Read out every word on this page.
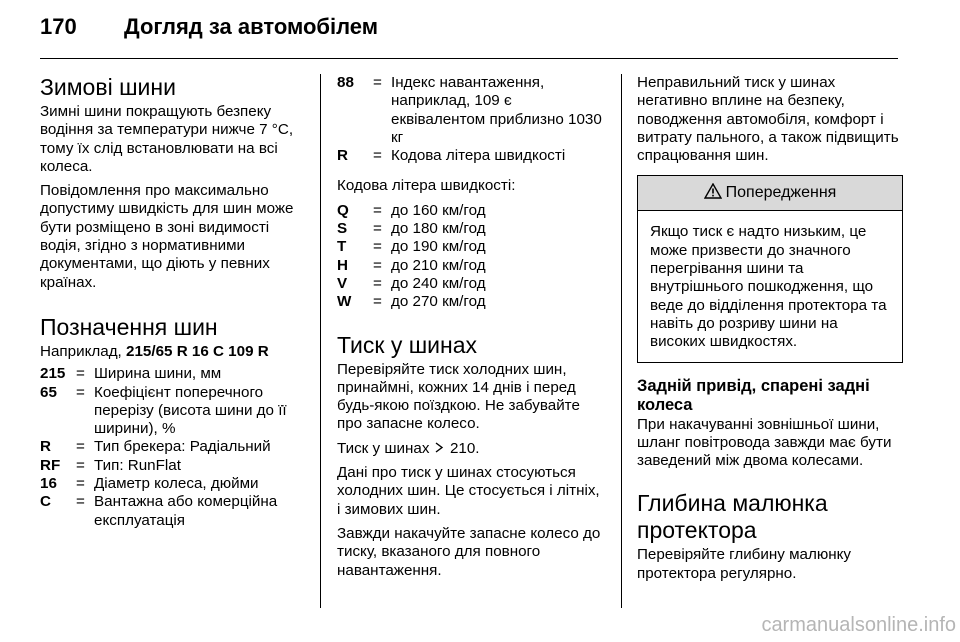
170	Догляд за автомобілем
Зимові шини

Зимні шини покращують безпеку водіння за температури нижче 7 °C, тому їх слід встановлювати на всі колеса.

Повідомлення про максимально допустиму швидкість для шин може бути розміщено в зоні видимості водія, згідно з нормативними документами, що діють у певних країнах.

Позначення шин

Наприклад, 215/65 R 16 C 109 R

215 = Ширина шини, мм
65	= Коефіцієнт поперечного перерізу (висота шини до її ширини), %
R	= Тип брекера: Радіальний
RF	= Тип: RunFlat
16	= Діаметр колеса, дюйми
C	= Вантажна або комерційна експлуатація
88	= Індекс навантаження, наприклад, 109 є еквівалентом приблизно 1030 кг
R	= Кодова літера швидкості

Кодова літера швидкості:

Q	= до 160 км/год
S	= до 180 км/год
T	= до 190 км/год
H	= до 210 км/год
V	= до 240 км/год
W	= до 270 км/год
Тиск у шинах

Перевіряйте тиск холодних шин, принаймні, кожних 14 днів і перед будь-якою поїздкою. Не забувайте про запасне колесо.

Тиск у шинах 210.

Дані про тиск у шинах стосуються холодних шин. Це стосується і літніх, і зимових шин.

Завжди накачуйте запасне колесо до тиску, вказаного для повного навантаження.

Неправильний тиск у шинах негативно вплине на безпеку, поводження автомобіля, комфорт і витрату пального, а також підвищить спрацювання шин.

Попередження
Якщо тиск є надто низьким, це може призвести до значного перегрівання шини та внутрішнього пошкодження, що веде до відділення протектора та навіть до розриву шини на високих швидкостях.
Задній привід, спарені задні колеса

При накачуванні зовнішньої шини, шланг повітровода завжди має бути заведений між двома колесами.

Глибина малюнка протектора

Перевіряйте глибину малюнку протектора регулярно.

carmanualsonline.info
